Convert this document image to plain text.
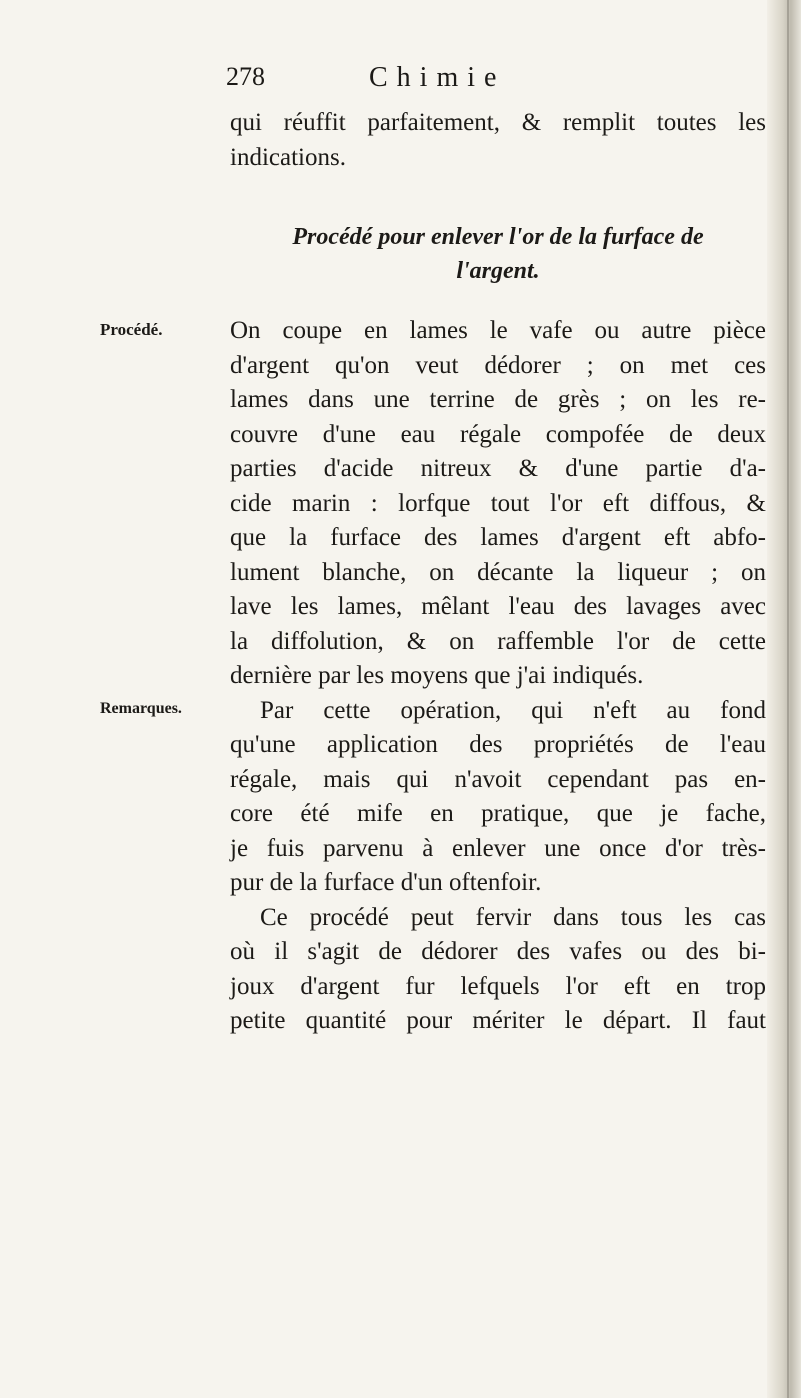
278	Chimie
qui réuffit parfaitement, & remplit toutes les
indications.
Procédé pour enlever l'or de la furface de
l'argent.
Procédé.
Remarques.
On coupe en lames le vafe ou autre pièce
d'argent qu'on veut dédorer ; on met ces
lames dans une terrine de grès ; on les re-
couvre d'une eau régale compofée de deux
parties d'acide nitreux & d'une partie d'a-
cide marin : lorfque tout l'or eft diffous, &
que la furface des lames d'argent eft abfo-
lument blanche, on décante la liqueur ; on
lave les lames, mêlant l'eau des lavages avec
la diffolution, & on raffemble l'or de cette
dernière par les moyens que j'ai indiqués.
Par cette opération, qui n'eft au fond
qu'une application des propriétés de l'eau
régale, mais qui n'avoit cependant pas en-
core été mife en pratique, que je fache,
je fuis parvenu à enlever une once d'or très-
pur de la furface d'un oftenfoir.
Ce procédé peut fervir dans tous les cas
où il s'agit de dédorer des vafes ou des bi-
joux d'argent fur lefquels l'or eft en trop
petite quantité pour mériter le départ. Il faut
